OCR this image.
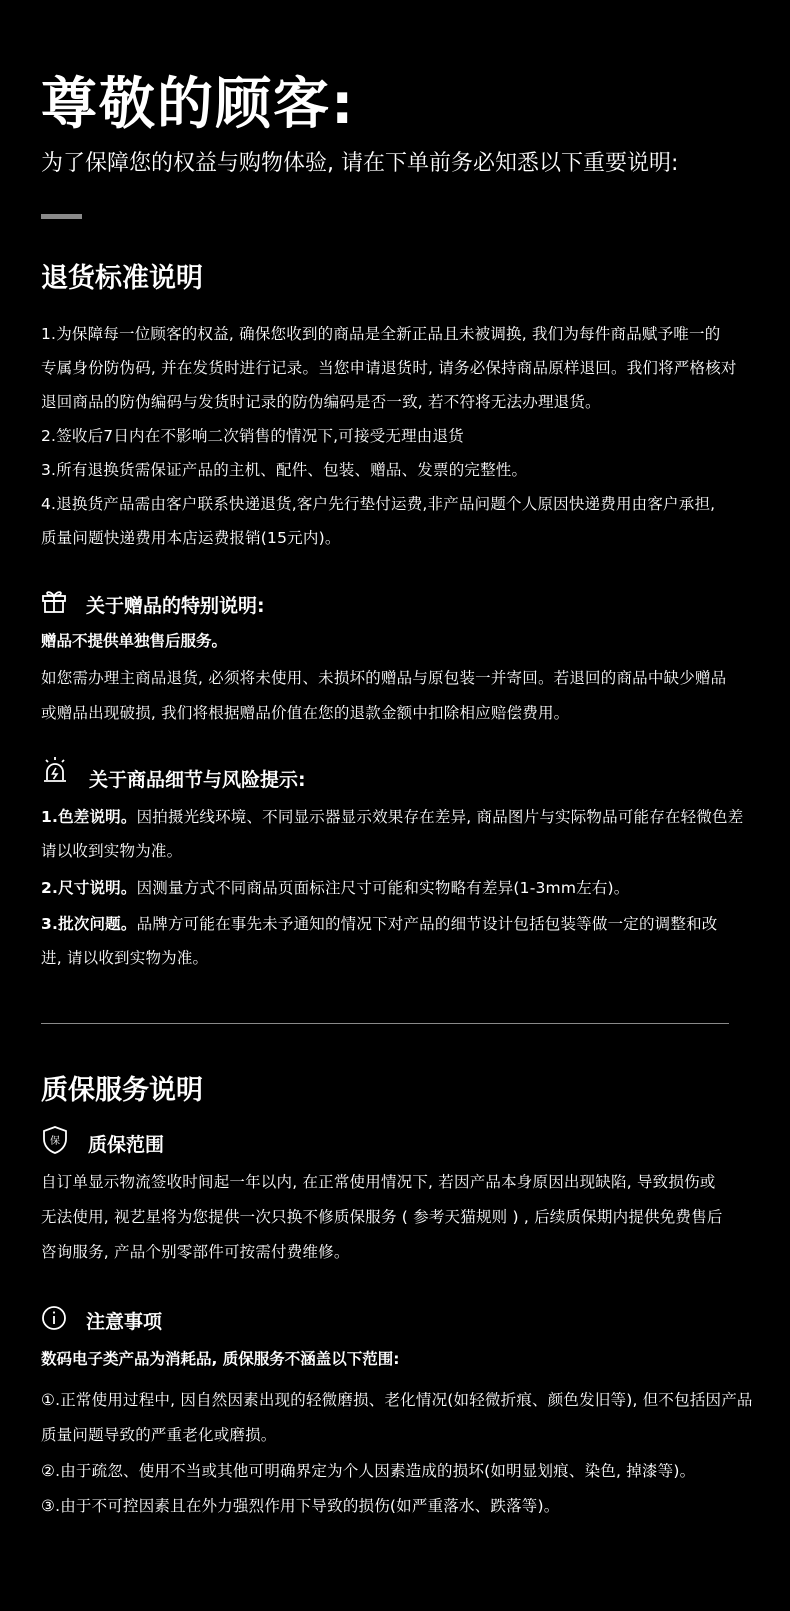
尊敬的顾客:
为了保障您的权益与购物体验, 请在下单前务必知悉以下重要说明:
退货标准说明
1.为保障每一位顾客的权益, 确保您收到的商品是全新正品且未被调换, 我们为每件商品赋予唯一的
专属身份防伪码, 并在发货时进行记录。当您申请退货时, 请务必保持商品原样退回。我们将严格核对
退回商品的防伪编码与发货时记录的防伪编码是否一致, 若不符将无法办理退货。
2.签收后7日内在不影响二次销售的情况下,可接受无理由退货
3.所有退换货需保证产品的主机、配件、包装、赠品、发票的完整性。
4.退换货产品需由客户联系快递退货,客户先行垫付运费,非产品问题个人原因快递费用由客户承担,
质量问题快递费用本店运费报销(15元内)。
关于赠品的特别说明:
赠品不提供单独售后服务。
如您需办理主商品退货, 必须将未使用、未损坏的赠品与原包装一并寄回。若退回的商品中缺少赠品
或赠品出现破损, 我们将根据赠品价值在您的退款金额中扣除相应赔偿费用。
关于商品细节与风险提示:
1.色差说明。因拍摄光线环境、不同显示器显示效果存在差异, 商品图片与实际物品可能存在轻微色差
请以收到实物为准。
2.尺寸说明。因测量方式不同商品页面标注尺寸可能和实物略有差异(1-3mm左右)。
3.批次问题。品牌方可能在事先未予通知的情况下对产品的细节设计包括包装等做一定的调整和改
进, 请以收到实物为准。
质保服务说明
保 质保范围
自订单显示物流签收时间起一年以内, 在正常使用情况下, 若因产品本身原因出现缺陷, 导致损伤或
无法使用, 视艺星将为您提供一次只换不修质保服务 ( 参考天猫规则 ) , 后续质保期内提供免费售后
咨询服务, 产品个别零部件可按需付费维修。
注意事项
数码电子类产品为消耗品, 质保服务不涵盖以下范围:
①.正常使用过程中, 因自然因素出现的轻微磨损、老化情况(如轻微折痕、颜色发旧等), 但不包括因产品
质量问题导致的严重老化或磨损。
②.由于疏忽、使用不当或其他可明确界定为个人因素造成的损坏(如明显划痕、染色, 掉漆等)。
③.由于不可控因素且在外力强烈作用下导致的损伤(如严重落水、跌落等)。
